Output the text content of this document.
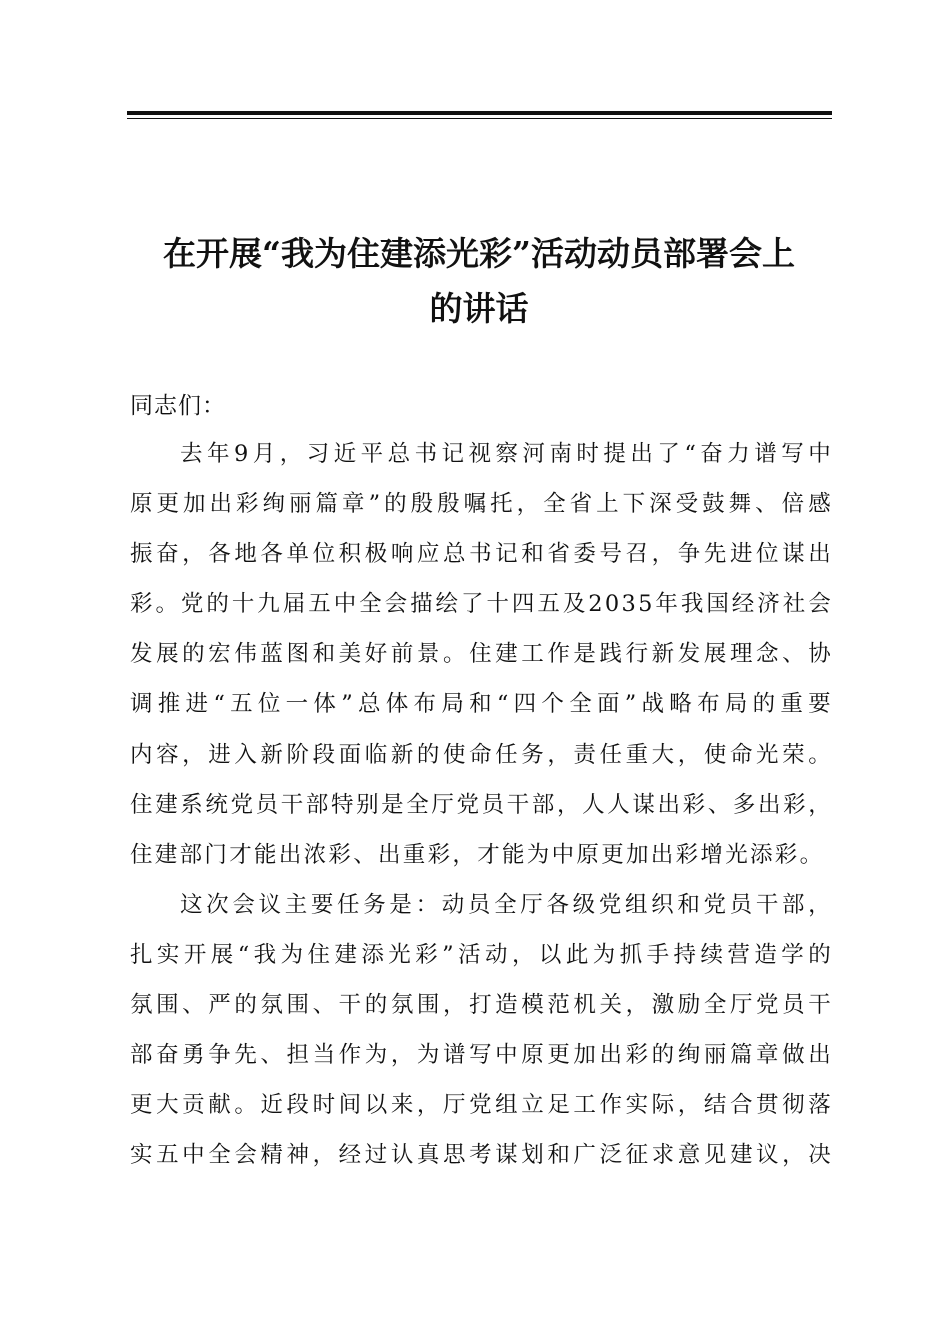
在开展“我为住建添光彩”活动动员部署会上
的讲话

同志们：

去年9月，习近平总书记视察河南时提出了“奋力谱写中
原更加出彩绚丽篇章”的殷殷嘱托，全省上下深受鼓舞、倍感
振奋，各地各单位积极响应总书记和省委号召，争先进位谋出
彩。党的十九届五中全会描绘了十四五及2035年我国经济社会
发展的宏伟蓝图和美好前景。住建工作是践行新发展理念、协
调推进“五位一体”总体布局和“四个全面”战略布局的重要
内容，进入新阶段面临新的使命任务，责任重大，使命光荣。
住建系统党员干部特别是全厅党员干部，人人谋出彩、多出彩，
住建部门才能出浓彩、出重彩，才能为中原更加出彩增光添彩。
这次会议主要任务是：动员全厅各级党组织和党员干部，
扎实开展“我为住建添光彩”活动，以此为抓手持续营造学的
氛围、严的氛围、干的氛围，打造模范机关，激励全厅党员干
部奋勇争先、担当作为，为谱写中原更加出彩的绚丽篇章做出
更大贡献。近段时间以来，厅党组立足工作实际，结合贯彻落
实五中全会精神，经过认真思考谋划和广泛征求意见建议，决
